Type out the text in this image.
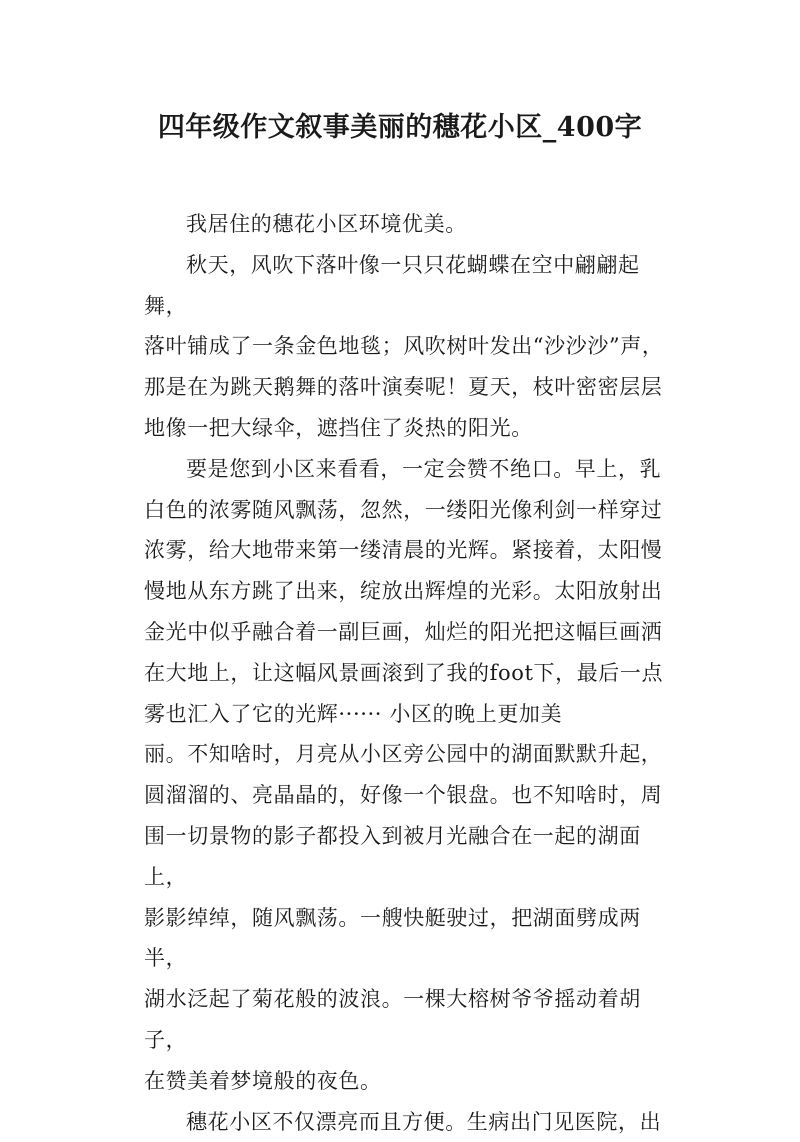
四年级作文叙事美丽的穗花小区_400字

我居住的穗花小区环境优美。

秋天，风吹下落叶像一只只花蝴蝶在空中翩翩起舞，
落叶铺成了一条金色地毯；风吹树叶发出“沙沙沙”声，
那是在为跳天鹅舞的落叶演奏呢！夏天，枝叶密密层层
地像一把大绿伞，遮挡住了炎热的阳光。

要是您到小区来看看，一定会赞不绝口。早上，乳
白色的浓雾随风飘荡，忽然，一缕阳光像利剑一样穿过
浓雾，给大地带来第一缕清晨的光辉。紧接着，太阳慢
慢地从东方跳了出来，绽放出辉煌的光彩。太阳放射出
金光中似乎融合着一副巨画，灿烂的阳光把这幅巨画洒
在大地上，让这幅风景画滚到了我的foot下，最后一点
雾也汇入了它的光辉······ 小区的晚上更加美
丽。不知啥时，月亮从小区旁公园中的湖面默默升起，
圆溜溜的、亮晶晶的，好像一个银盘。也不知啥时，周
围一切景物的影子都投入到被月光融合在一起的湖面上，
影影绰绰，随风飘荡。一艘快艇驶过，把湖面劈成两半，
湖水泛起了菊花般的波浪。一棵大榕树爷爷摇动着胡子，
在赞美着梦境般的夜色。

穗花小区不仅漂亮而且方便。生病出门见医院，出
